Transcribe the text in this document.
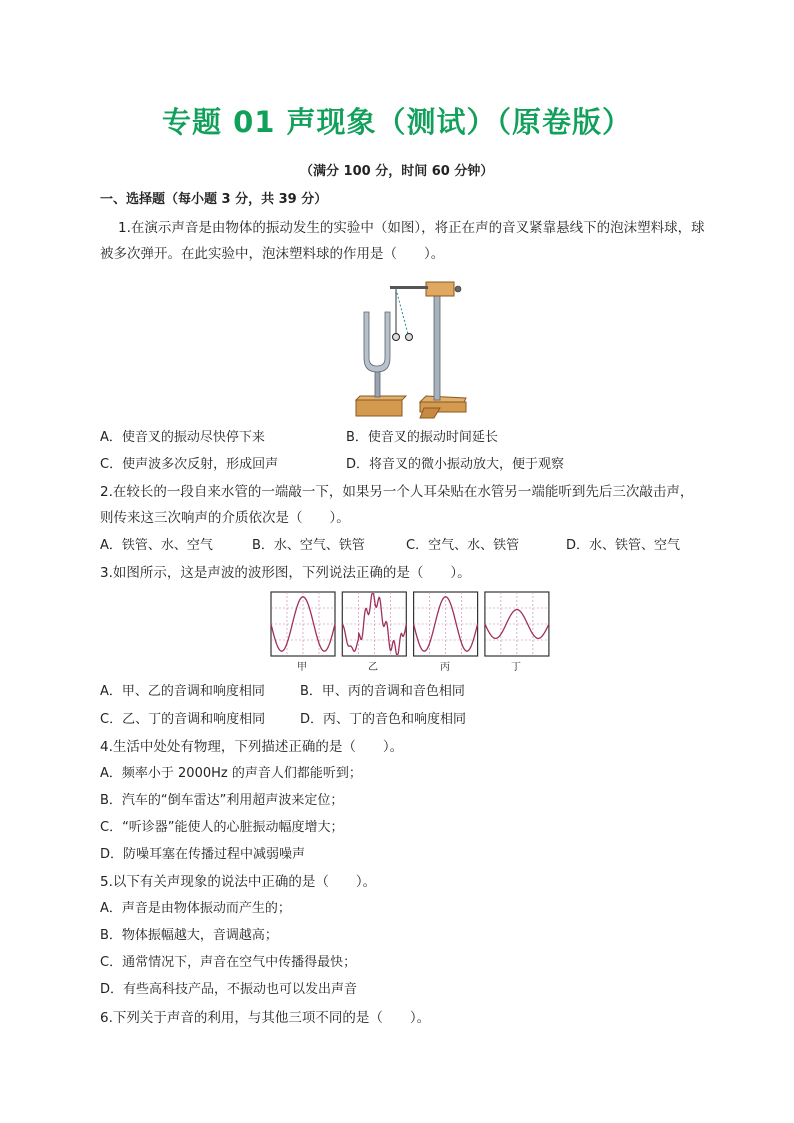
专题 01 声现象（测试）（原卷版）
（满分 100 分，时间 60 分钟）
一、选择题（每小题 3 分，共 39 分）
1.在演示声音是由物体的振动发生的实验中（如图），将正在声的音叉紧靠悬线下的泡沫塑料球，球
被多次弹开。在此实验中，泡沫塑料球的作用是（　　）。
A．使音叉的振动尽快停下来	B．使音叉的振动时间延长
C．使声波多次反射，形成回声	D．将音叉的微小振动放大，便于观察
2.在较长的一段自来水管的一端敲一下，如果另一个人耳朵贴在水管另一端能听到先后三次敲击声，
则传来这三次响声的介质依次是（　　）。
A．铁管、水、空气	B．水、空气、铁管	C．空气、水、铁管	D．水、铁管、空气
3.如图所示，这是声波的波形图，下列说法正确的是（　　）。
甲	乙	丙	丁
A．甲、乙的音调和响度相同	B．甲、丙的音调和音色相同
C．乙、丁的音调和响度相同	D．丙、丁的音色和响度相同
4.生活中处处有物理，下列描述正确的是（　　）。
A．频率小于 2000Hz 的声音人们都能听到；
B．汽车的“倒车雷达”利用超声波来定位；
C．“听诊器”能使人的心脏振动幅度增大；
D．防噪耳塞在传播过程中减弱噪声
5.以下有关声现象的说法中正确的是（　　）。
A．声音是由物体振动而产生的；
B．物体振幅越大，音调越高；
C．通常情况下，声音在空气中传播得最快；
D．有些高科技产品，不振动也可以发出声音
6.下列关于声音的利用，与其他三项不同的是（　　）。
